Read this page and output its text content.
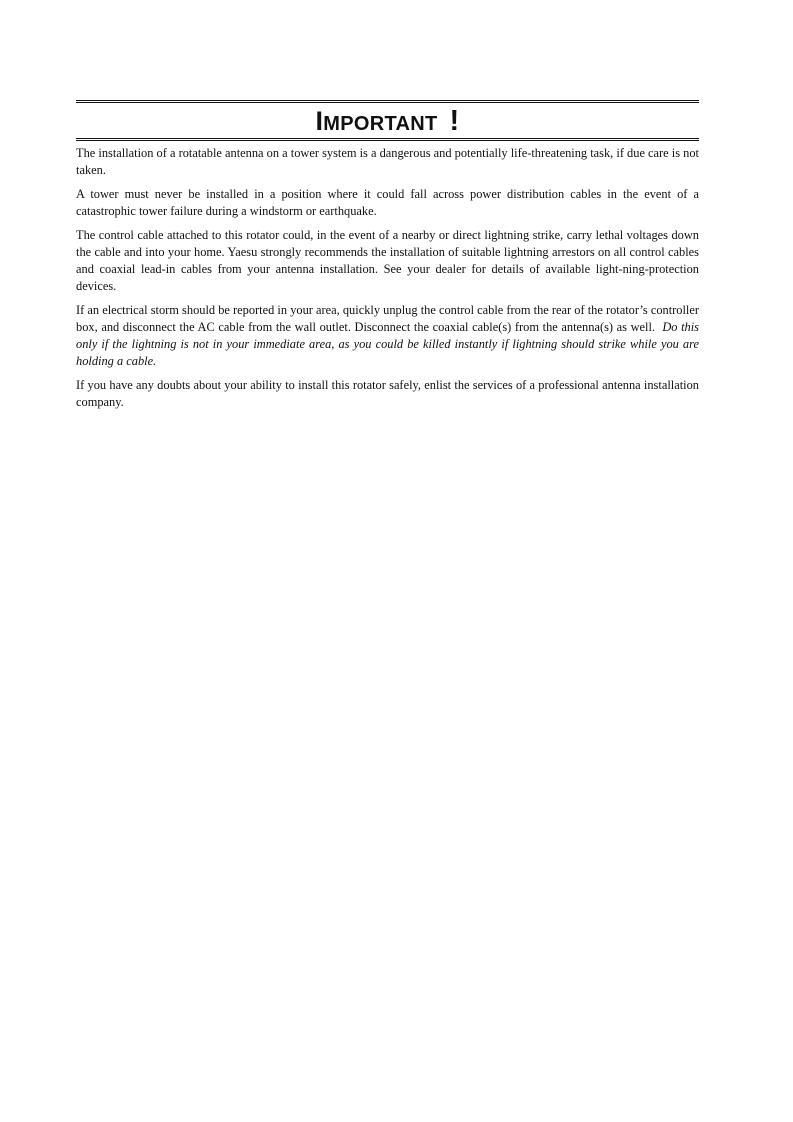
IMPORTANT !

The installation of a rotatable antenna on a tower system is a dangerous and potentially life-threatening task, if due care is not taken.

A tower must never be installed in a position where it could fall across power distribution cables in the event of a catastrophic tower failure during a windstorm or earthquake.

The control cable attached to this rotator could, in the event of a nearby or direct lightning strike, carry lethal voltages down the cable and into your home. Yaesu strongly recommends the installation of suitable lightning arrestors on all control cables and coaxial lead-in cables from your antenna installation. See your dealer for details of available light-ning-protection devices.

If an electrical storm should be reported in your area, quickly unplug the control cable from the rear of the rotator’s controller box, and disconnect the AC cable from the wall outlet. Disconnect the coaxial cable(s) from the antenna(s) as well. Do this only if the lightning is not in your immediate area, as you could be killed instantly if lightning should strike while you are holding a cable.

If you have any doubts about your ability to install this rotator safely, enlist the services of a professional antenna installation company.
